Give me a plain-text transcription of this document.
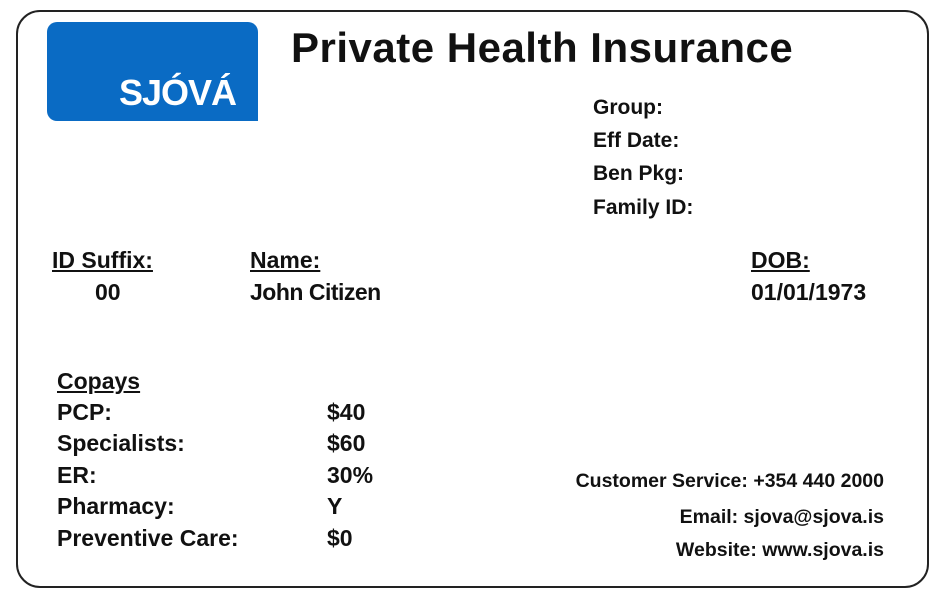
SJÓVÁ
Private Health Insurance
Group:
Eff Date:
Ben Pkg:
Family ID:
ID Suffix:
00
Name:
John Citizen
DOB:
01/01/1973
Copays
PCP:	$40
Specialists:	$60
ER:	30%
Pharmacy:	Y
Preventive Care:	$0
Customer Service: +354 440 2000
Email: sjova@sjova.is
Website: www.sjova.is
